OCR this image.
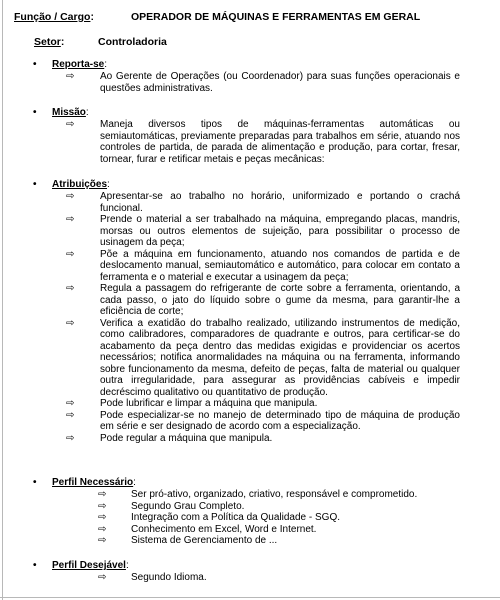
Função / Cargo:	OPERADOR DE MÁQUINAS E FERRAMENTAS EM GERAL
Setor:	Controladoria
• Reporta-se:
⇨	Ao Gerente de Operações (ou Coordenador) para suas funções operacionais e questões administrativas.
• Missão:
⇨	Maneja diversos tipos de máquinas-ferramentas automáticas ou semiautomáticas, previamente preparadas para trabalhos em série, atuando nos controles de partida, de parada de alimentação e produção, para cortar, fresar, tornear, furar e retificar metais e peças mecânicas:
• Atribuições:
⇨	Apresentar-se ao trabalho no horário, uniformizado e portando o crachá funcional.
⇨	Prende o material a ser trabalhado na máquina, empregando placas, mandris, morsas ou outros elementos de sujeição, para possibilitar o processo de usinagem da peça;
⇨	Põe a máquina em funcionamento, atuando nos comandos de partida e de deslocamento manual, semiautomático e automático, para colocar em contato a ferramenta e o material e executar a usinagem da peça;
⇨	Regula a passagem do refrigerante de corte sobre a ferramenta, orientando, a cada passo, o jato do líquido sobre o gume da mesma, para garantir-lhe a eficiência de corte;
⇨	Verifica a exatidão do trabalho realizado, utilizando instrumentos de medição, como calibradores, comparadores de quadrante e outros, para certificar-se do acabamento da peça dentro das medidas exigidas e providenciar os acertos necessários; notifica anormalidades na máquina ou na ferramenta, informando sobre funcionamento da mesma, defeito de peças, falta de material ou qualquer outra irregularidade, para assegurar as providências cabíveis e impedir decréscimo qualitativo ou quantitativo de produção.
⇨	Pode lubrificar e limpar a máquina que manipula.
⇨	Pode especializar-se no manejo de determinado tipo de máquina de produção em série e ser designado de acordo com a especialização.
⇨	Pode regular a máquina que manipula.
• Perfil Necessário:
⇨	Ser pró-ativo, organizado, criativo, responsável e comprometido.
⇨	Segundo Grau Completo.
⇨	Integração com a Política da Qualidade - SGQ.
⇨	Conhecimento em Excel, Word e Internet.
⇨	Sistema de Gerenciamento de ...
• Perfil Desejável:
⇨	Segundo Idioma.
